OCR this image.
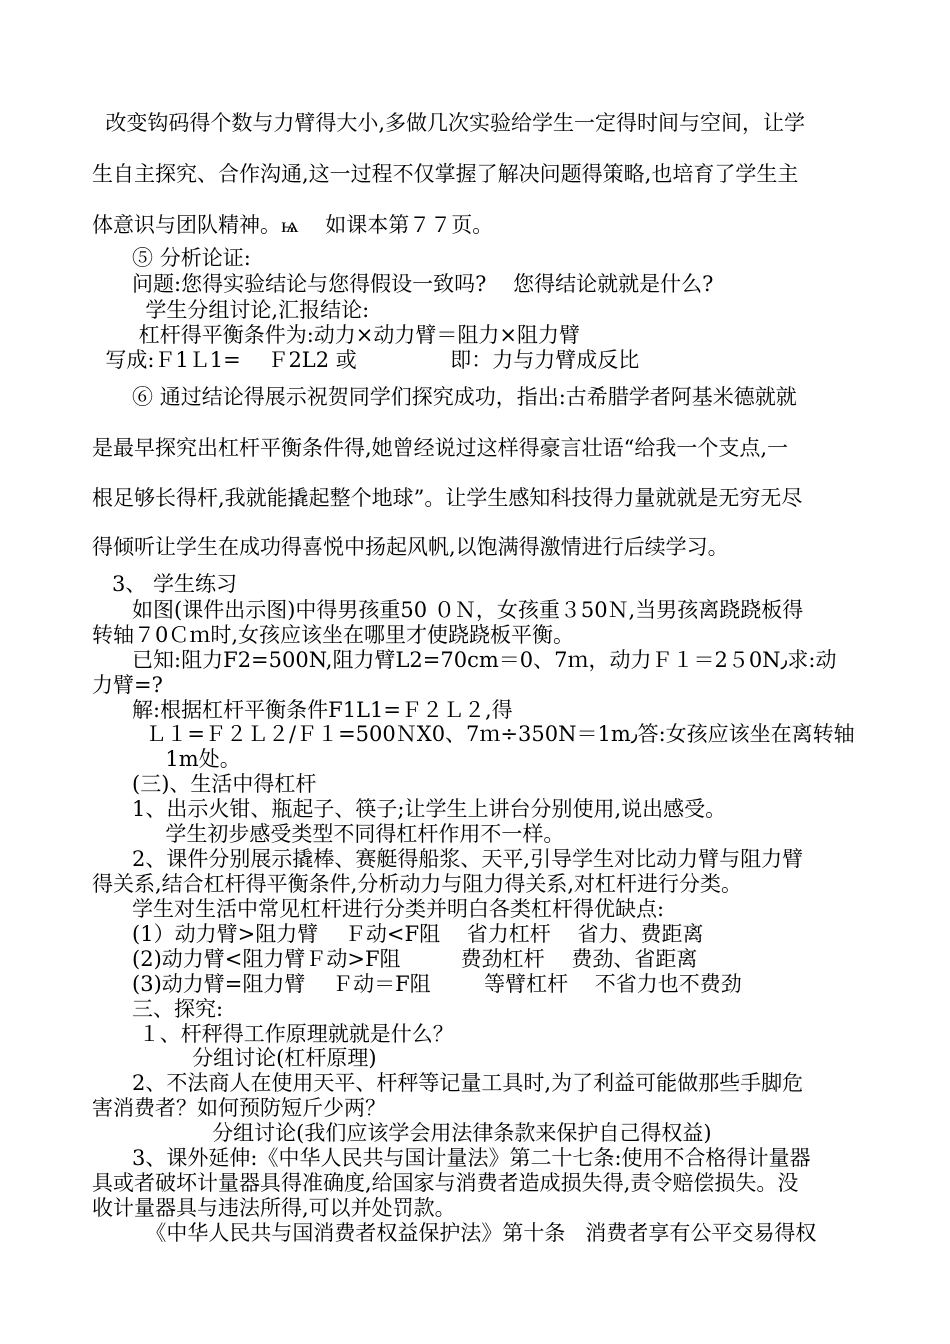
改变钩码得个数与力臂得大小,多做几次实验给学生一定得时间与空间，让学
生自主探究、合作沟通,这一过程不仅掌握了解决问题得策略,也培育了学生主
体意识与团队精神。ѩ    如课本第７７页。
⑤ 分析论证:
问题:您得实验结论与您得假设一致吗?    您得结论就就是什么?
学生分组讨论,汇报结论:
杠杆得平衡条件为:动力×动力臂＝阻力×阻力臂
写成:Ｆ1Ｌ1=    Ｆ2L2 或              即：力与力臂成反比
⑥ 通过结论得展示祝贺同学们探究成功，指出:古希腊学者阿基米德就就
是最早探究出杠杆平衡条件得,她曾经说过这样得豪言壮语“给我一个支点,一
根足够长得杆,我就能撬起整个地球”。让学生感知科技得力量就就是无穷无尽
得倾听让学生在成功得喜悦中扬起风帆,以饱满得激情进行后续学习。
3、 学生练习
如图(课件出示图)中得男孩重50 ０Ｎ，女孩重３50Ｎ,当男孩离跷跷板得
转轴７0Ｃｍ时,女孩应该坐在哪里才使跷跷板平衡。
已知:阻力F2=500N,阻力臂L2=70cm＝0、7ｍ，动力Ｆ１＝2５0N٫求:动
力臂=?
解:根据杠杆平衡条件F1L1=Ｆ２Ｌ２,得
Ｌ１=Ｆ２Ｌ２/Ｆ１=500ＮX0、7ｍ÷350N＝1m٫答:女孩应该坐在离转轴
1m处。
(三)、生活中得杠杆
1、出示火钳、瓶起子、筷子;让学生上讲台分别使用,说出感受。
学生初步感受类型不同得杠杆作用不一样。
2、课件分别展示撬棒、赛艇得船浆、天平,引导学生对比动力臂与阻力臂
得关系,结合杠杆得平衡条件,分析动力与阻力得关系,对杠杆进行分类。
学生对生活中常见杠杆进行分类并明白各类杠杆得优缺点:
(1）动力臂>阻力臂    Ｆ动<F阻    省力杠杆    省力、费距离
(2)动力臂<阻力臂Ｆ动>F阻         费劲杠杆    费劲、省距离
(3)动力臂=阻力臂    Ｆ动＝F阻        等臂杠杆    不省力也不费劲
三、探究:
１、杆秤得工作原理就就是什么？
分组讨论(杠杆原理)
2、不法商人在使用天平、杆秤等记量工具时,为了利益可能做那些手脚危
害消费者？如何预防短斤少两？
分组讨论(我们应该学会用法律条款来保护自己得权益)
3、课外延伸:《中华人民共与国计量法》第二十七条:使用不合格得计量器
具或者破坏计量器具得准确度,给国家与消费者造成损失得,责令赔偿损失。没
收计量器具与违法所得,可以并处罚款。
《中华人民共与国消费者权益保护法》第十条   消费者享有公平交易得权
